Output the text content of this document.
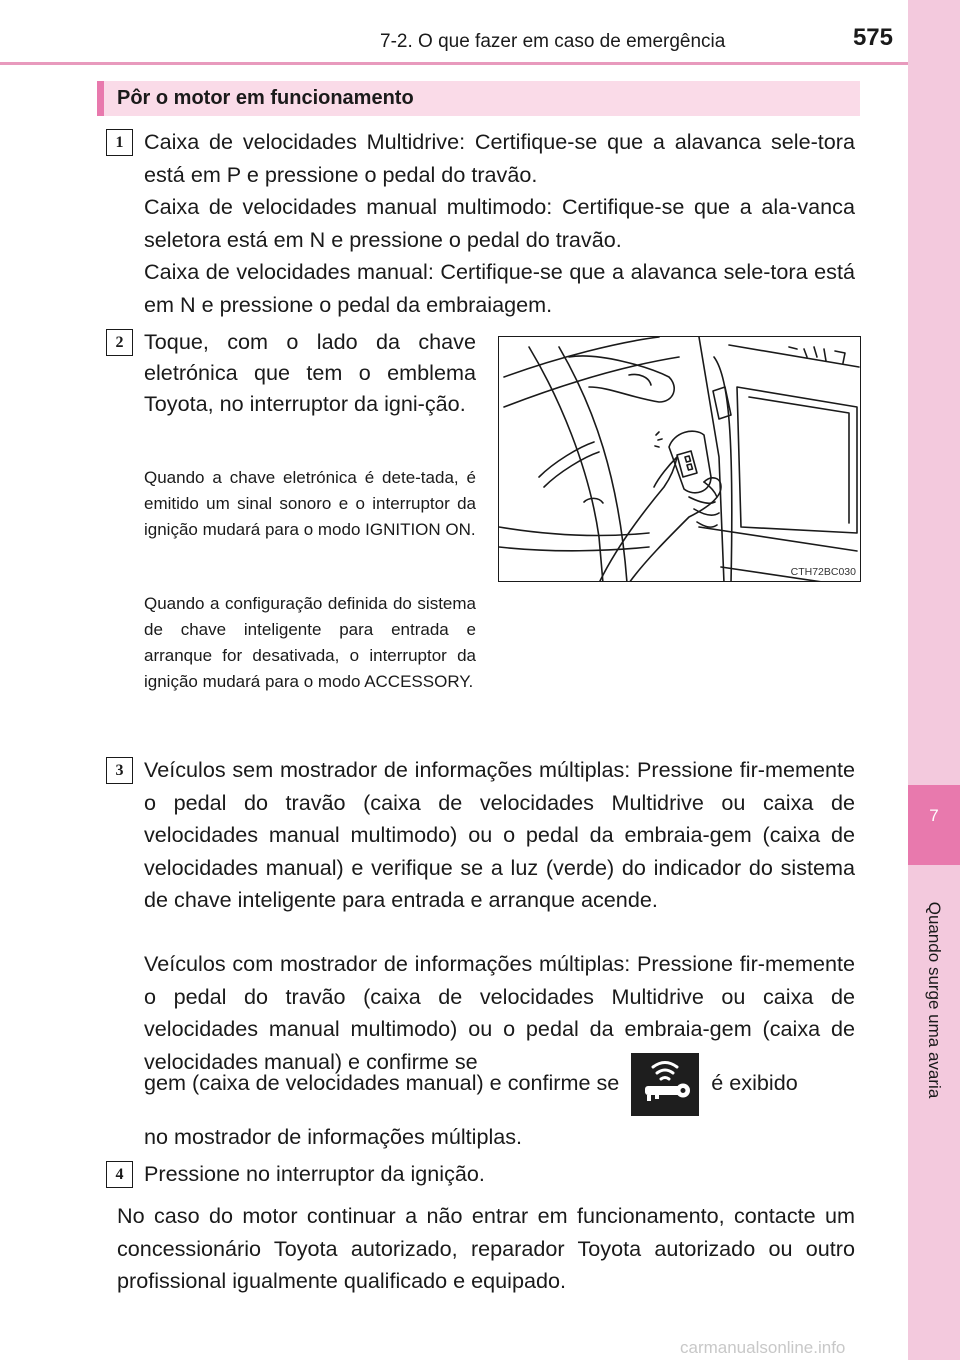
7
Quando surge uma avaria
7-2. O que fazer em caso de emergência	575
Pôr o motor em funcionamento
1 Caixa de velocidades Multidrive: Certifique-se que a alavanca sele-tora está em P e pressione o pedal do travão.
Caixa de velocidades manual multimodo: Certifique-se que a ala-vanca seletora está em N e pressione o pedal do travão.
Caixa de velocidades manual: Certifique-se que a alavanca sele-tora está em N e pressione o pedal da embraiagem.
2 Toque, com o lado da chave eletrónica que tem o emblema Toyota, no interruptor da igni-ção.
Quando a chave eletrónica é dete-tada, é emitido um sinal sonoro e o interruptor da ignição mudará para o modo IGNITION ON.
Quando a configuração definida do sistema de chave inteligente para entrada e arranque for desativada, o interruptor da ignição mudará para o modo ACCESSORY.
CTH72BC030
3 Veículos sem mostrador de informações múltiplas: Pressione fir-memente o pedal do travão (caixa de velocidades Multidrive ou caixa de velocidades manual multimodo) ou o pedal da embraia-gem (caixa de velocidades manual) e verifique se a luz (verde) do indicador do sistema de chave inteligente para entrada e arranque acende.
Veículos com mostrador de informações múltiplas: Pressione fir-memente o pedal do travão (caixa de velocidades Multidrive ou caixa de velocidades manual multimodo) ou o pedal da embraia-gem (caixa de velocidades manual) e confirme se
gem (caixa de velocidades manual) e confirme se	é exibido
no mostrador de informações múltiplas.
4 Pressione no interruptor da ignição.
No caso do motor continuar a não entrar em funcionamento, contacte um concessionário Toyota autorizado, reparador Toyota autorizado ou outro profissional igualmente qualificado e equipado.
carmanualsonline.info
